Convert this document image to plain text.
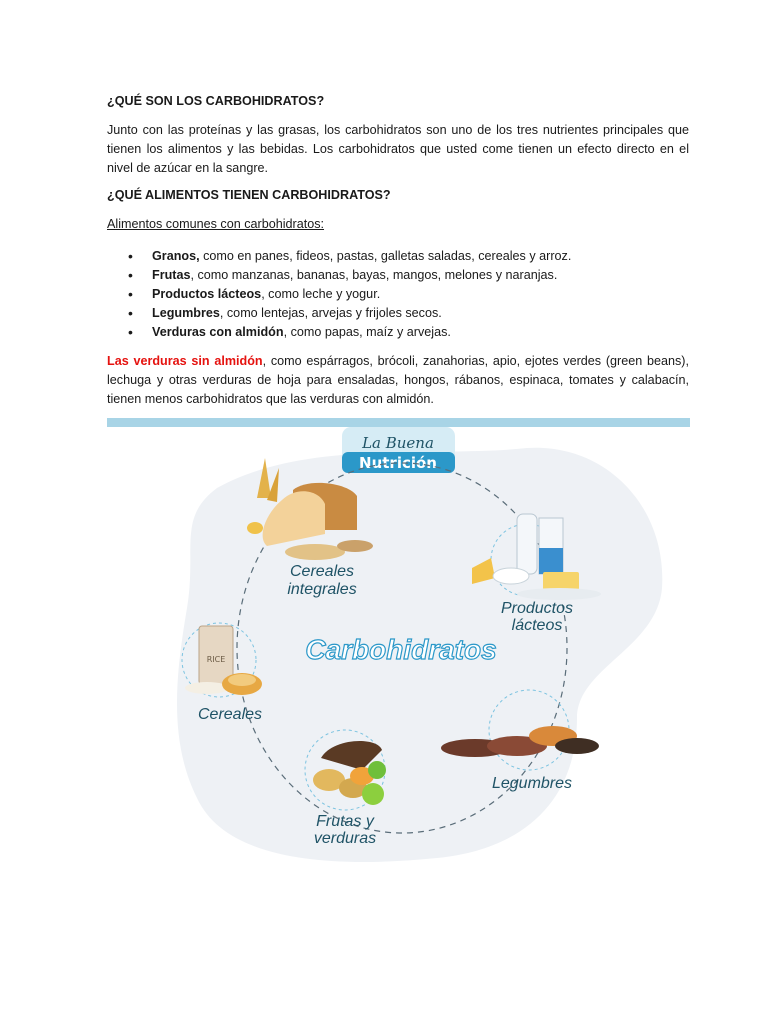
¿QUÉ SON LOS CARBOHIDRATOS?

Junto con las proteínas y las grasas, los carbohidratos son uno de los tres nutrientes principales que tienen los alimentos y las bebidas. Los carbohidratos que usted come tienen un efecto directo en el nivel de azúcar en la sangre.

¿QUÉ ALIMENTOS TIENEN CARBOHIDRATOS?

Alimentos comunes con carbohidratos:

• Granos, como en panes, fideos, pastas, galletas saladas, cereales y arroz.
• Frutas, como manzanas, bananas, bayas, mangos, melones y naranjas.
• Productos lácteos, como leche y yogur.
• Legumbres, como lentejas, arvejas y frijoles secos.
• Verduras con almidón, como papas, maíz y arvejas.

Las verduras sin almidón, como espárragos, brócoli, zanahorias, apio, ejotes verdes (green beans), lechuga y otras verduras de hoja para ensaladas, hongos, rábanos, espinaca, tomates y calabacín, tienen menos carbohidratos que las verduras con almidón.

La Buena
Nutrición
Carbohidratos
Cereales
integrales
Productos
lácteos
RICE
Cereales
Legumbres
Frutas y
verduras
